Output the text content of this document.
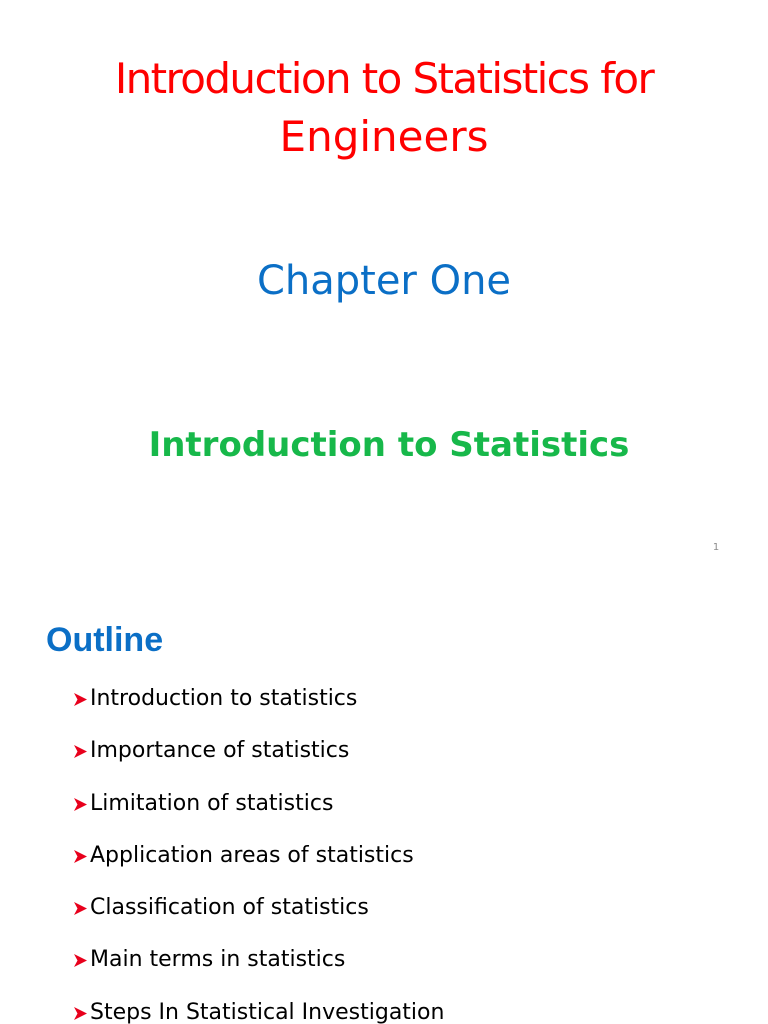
Introduction to Statistics for
Engineers
Chapter One
Introduction to Statistics
1
Outline
Introduction to statistics
Importance of statistics
Limitation of statistics
Application areas of statistics
Classification of statistics
Main terms in statistics
Steps In Statistical Investigation
